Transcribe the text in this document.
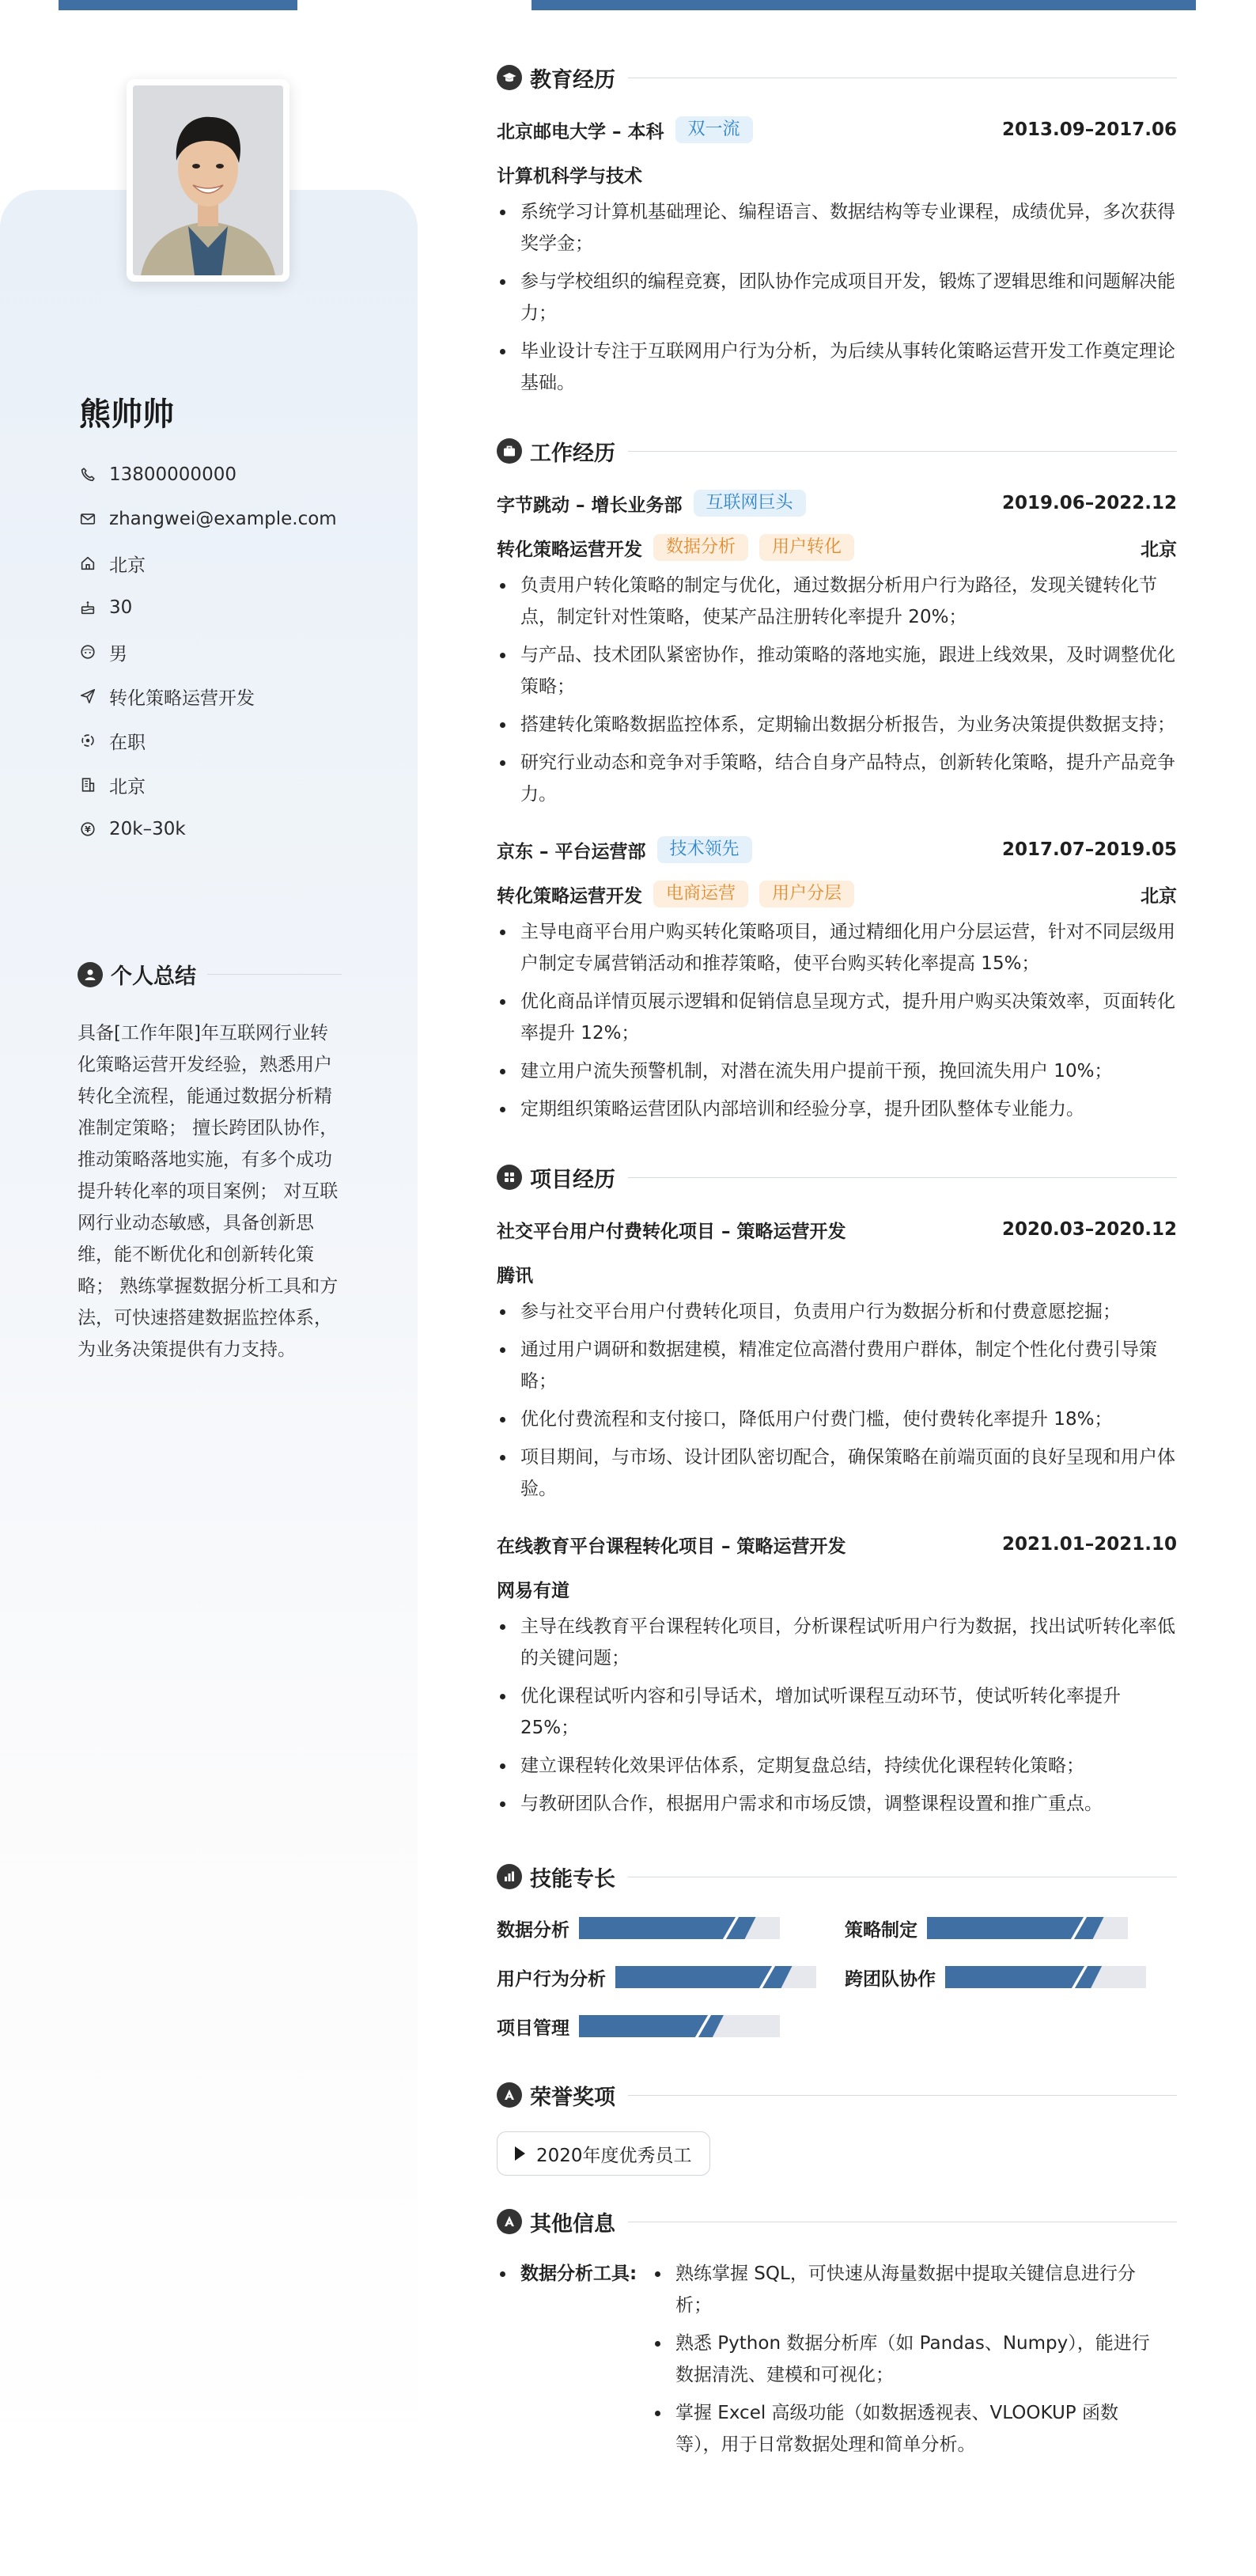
熊帅帅
13800000000
zhangwei@example.com
北京
30
男
转化策略运营开发
在职
北京
¥ 20k–30k
个人总结
具备[工作年限]年互联网行业转化策略运营开发经验，熟悉用户转化全流程，能通过数据分析精准制定策略； 擅长跨团队协作，推动策略落地实施，有多个成功提升转化率的项目案例； 对互联网行业动态敏感，具备创新思维，能不断优化和创新转化策略； 熟练掌握数据分析工具和方法，可快速搭建数据监控体系，为业务决策提供有力支持。
教育经历
北京邮电大学 – 本科	双一流	2013.09–2017.06
计算机科学与技术
系统学习计算机基础理论、编程语言、数据结构等专业课程，成绩优异，多次获得奖学金；
参与学校组织的编程竞赛，团队协作完成项目开发，锻炼了逻辑思维和问题解决能力；
毕业设计专注于互联网用户行为分析，为后续从事转化策略运营开发工作奠定理论基础。
工作经历
字节跳动 – 增长业务部	互联网巨头	2019.06–2022.12
转化策略运营开发	数据分析	用户转化	北京
负责用户转化策略的制定与优化，通过数据分析用户行为路径，发现关键转化节点，制定针对性策略，使某产品注册转化率提升 20%；
与产品、技术团队紧密协作，推动策略的落地实施，跟进上线效果，及时调整优化策略；
搭建转化策略数据监控体系，定期输出数据分析报告，为业务决策提供数据支持；
研究行业动态和竞争对手策略，结合自身产品特点，创新转化策略，提升产品竞争力。
京东 – 平台运营部	技术领先	2017.07–2019.05
转化策略运营开发	电商运营	用户分层	北京
主导电商平台用户购买转化策略项目，通过精细化用户分层运营，针对不同层级用户制定专属营销活动和推荐策略，使平台购买转化率提高 15%；
优化商品详情页展示逻辑和促销信息呈现方式，提升用户购买决策效率，页面转化率提升 12%；
建立用户流失预警机制，对潜在流失用户提前干预，挽回流失用户 10%；
定期组织策略运营团队内部培训和经验分享，提升团队整体专业能力。
项目经历
社交平台用户付费转化项目 – 策略运营开发	2020.03–2020.12
腾讯
参与社交平台用户付费转化项目，负责用户行为数据分析和付费意愿挖掘；
通过用户调研和数据建模，精准定位高潜付费用户群体，制定个性化付费引导策略；
优化付费流程和支付接口，降低用户付费门槛，使付费转化率提升 18%；
项目期间，与市场、设计团队密切配合，确保策略在前端页面的良好呈现和用户体验。
在线教育平台课程转化项目 – 策略运营开发	2021.01–2021.10
网易有道
主导在线教育平台课程转化项目，分析课程试听用户行为数据，找出试听转化率低的关键问题；
优化课程试听内容和引导话术，增加试听课程互动环节，使试听转化率提升 25%；
建立课程转化效果评估体系，定期复盘总结，持续优化课程转化策略；
与教研团队合作，根据用户需求和市场反馈，调整课程设置和推广重点。
技能专长
数据分析	策略制定
用户行为分析	跨团队协作
项目管理
荣誉奖项
2020年度优秀员工
其他信息
数据分析工具:	熟练掌握 SQL，可快速从海量数据中提取关键信息进行分析；
熟悉 Python 数据分析库（如 Pandas、Numpy），能进行数据清洗、建模和可视化；
掌握 Excel 高级功能（如数据透视表、VLOOKUP 函数等），用于日常数据处理和简单分析。
